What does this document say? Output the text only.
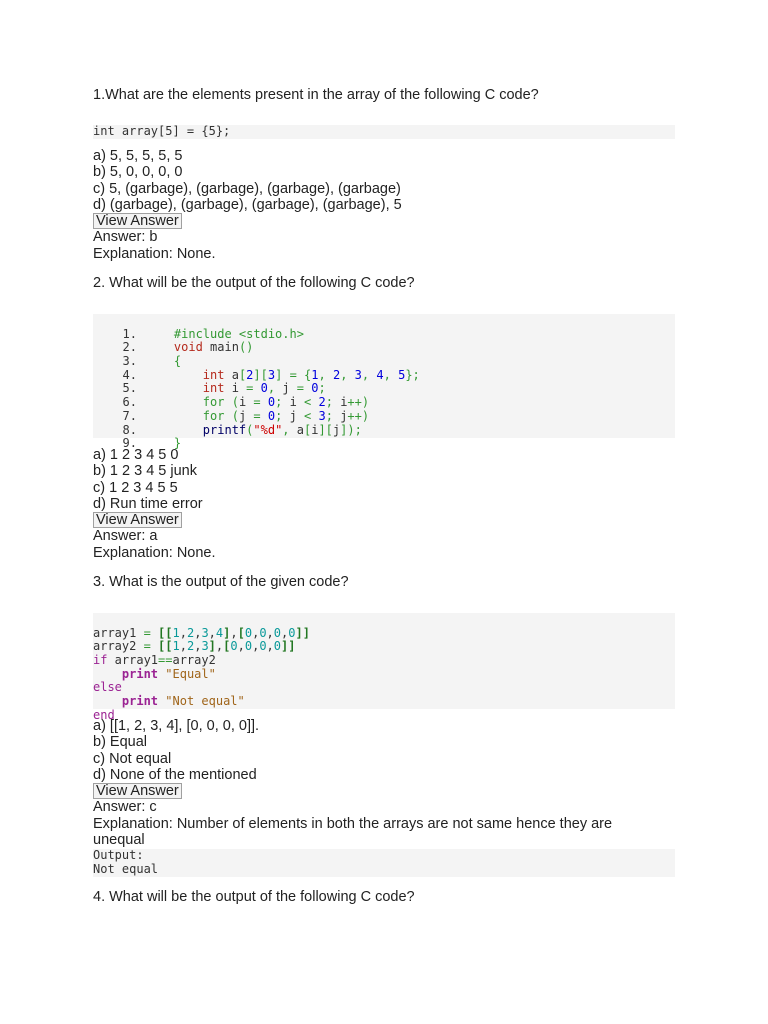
1.What are the elements present in the array of the following C code?
int array[5] = {5};
a) 5, 5, 5, 5, 5
b) 5, 0, 0, 0, 0
c) 5, (garbage), (garbage), (garbage), (garbage)
d) (garbage), (garbage), (garbage), (garbage), 5
View Answer
Answer: b
Explanation: None.
2. What will be the output of the following C code?

1.	#include <stdio.h>
2.	void main()
3.	{
4.	int a[2][3] = {1, 2, 3, 4, 5};
5.	int i = 0, j = 0;
6.	for (i = 0; i < 2; i++)
7.	for (j = 0; j < 3; j++)
8.	printf("%d", a[i][j]);
9.	}
a) 1 2 3 4 5 0
b) 1 2 3 4 5 junk
c) 1 2 3 4 5 5
d) Run time error
View Answer
Answer: a
Explanation: None.
3. What is the output of the given code?

array1 = [[1,2,3,4],[0,0,0,0]]
array2 = [[1,2,3],[0,0,0,0]]
if array1==array2
print "Equal"
else
print "Not equal"
end
a) [[1, 2, 3, 4], [0, 0, 0, 0]].
b) Equal
c) Not equal
d) None of the mentioned
View Answer
Answer: c
Explanation: Number of elements in both the arrays are not same hence they are
unequal
Output:
Not equal
4. What will be the output of the following C code?
